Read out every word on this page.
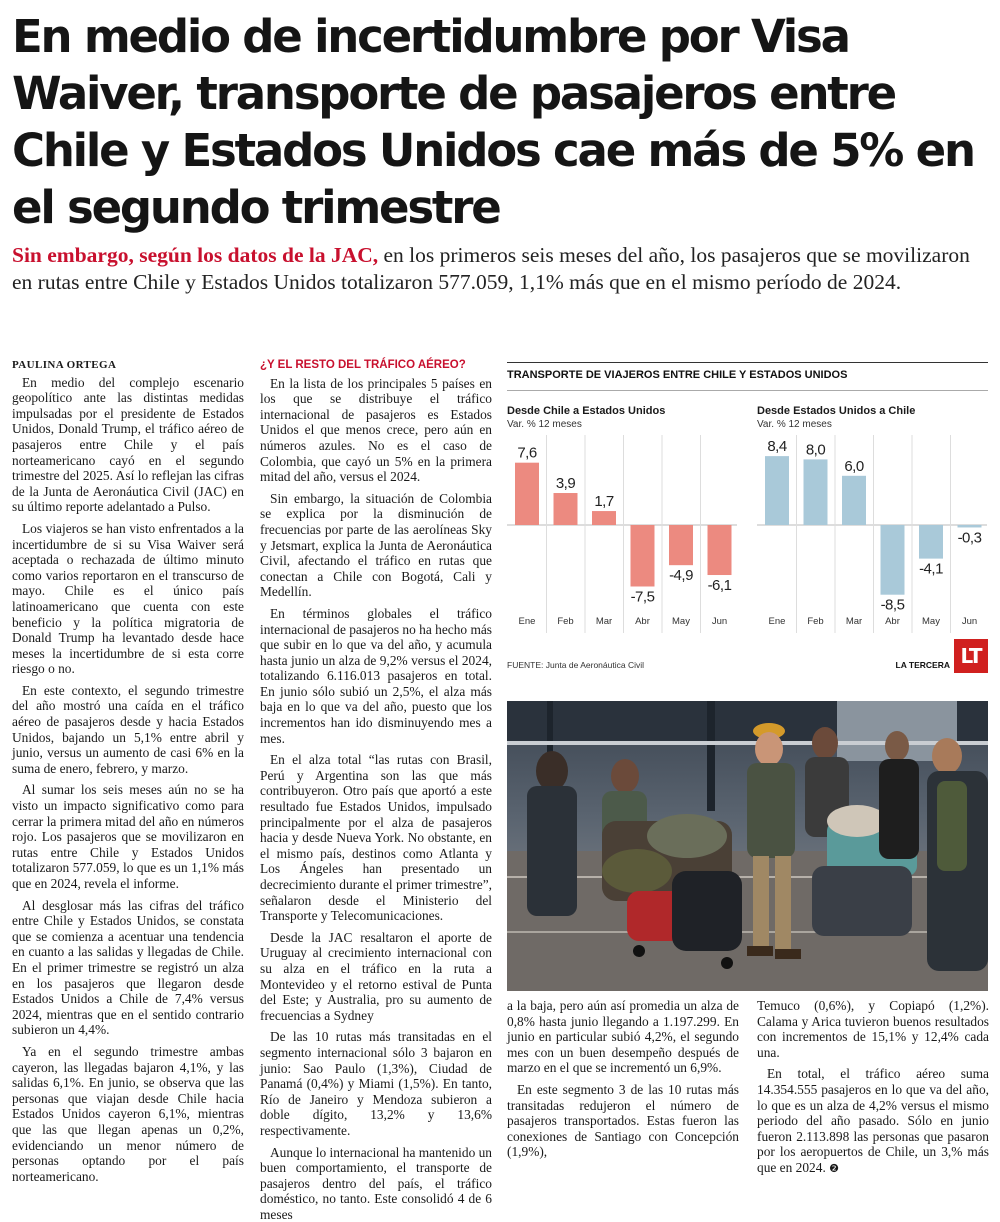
En medio de incertidumbre por Visa Waiver, transporte de pasajeros entre Chile y Estados Unidos cae más de 5% en el segundo trimestre

Sin embargo, según los datos de la JAC, en los primeros seis meses del año, los pasajeros que se movilizaron en rutas entre Chile y Estados Unidos totalizaron 577.059, 1,1% más que en el mismo período de 2024.

PAULINA ORTEGA

En medio del complejo escenario geopolítico ante las distintas medidas impulsadas por el presidente de Estados Unidos, Donald Trump, el tráfico aéreo de pasajeros entre Chile y el país norteamericano cayó en el segundo trimestre del 2025. Así lo reflejan las cifras de la Junta de Aeronáutica Civil (JAC) en su último reporte adelantado a Pulso.

Los viajeros se han visto enfrentados a la incertidumbre de si su Visa Waiver será aceptada o rechazada de último minuto como varios reportaron en el transcurso de mayo. Chile es el único país latinoamericano que cuenta con este beneficio y la política migratoria de Donald Trump ha levantado desde hace meses la incertidumbre de si esta corre riesgo o no.

En este contexto, el segundo trimestre del año mostró una caída en el tráfico aéreo de pasajeros desde y hacia Estados Unidos, bajando un 5,1% entre abril y junio, versus un aumento de casi 6% en la suma de enero, febrero, y marzo.

Al sumar los seis meses aún no se ha visto un impacto significativo como para cerrar la primera mitad del año en números rojo. Los pasajeros que se movilizaron en rutas entre Chile y Estados Unidos totalizaron 577.059, lo que es un 1,1% más que en 2024, revela el informe.

Al desglosar más las cifras del tráfico entre Chile y Estados Unidos, se constata que se comienza a acentuar una tendencia en cuanto a las salidas y llegadas de Chile. En el primer trimestre se registró un alza en los pasajeros que llegaron desde Estados Unidos a Chile de 7,4% versus 2024, mientras que en el sentido contrario subieron un 4,4%.

Ya en el segundo trimestre ambas cayeron, las llegadas bajaron 4,1%, y las salidas 6,1%. En junio, se observa que las personas que viajan desde Chile hacia Estados Unidos cayeron 6,1%, mientras que las que llegan apenas un 0,2%, evidenciando un menor número de personas optando por el país norteamericano.

¿Y EL RESTO DEL TRÁFICO AÉREO?

En la lista de los principales 5 países en los que se distribuye el tráfico internacional de pasajeros es Estados Unidos el que menos crece, pero aún en números azules. No es el caso de Colombia, que cayó un 5% en la primera mitad del año, versus el 2024.

Sin embargo, la situación de Colombia se explica por la disminución de frecuencias por parte de las aerolíneas Sky y Jetsmart, explica la Junta de Aeronáutica Civil, afectando el tráfico en rutas que conectan a Chile con Bogotá, Cali y Medellín.

En términos globales el tráfico internacional de pasajeros no ha hecho más que subir en lo que va del año, y acumula hasta junio un alza de 9,2% versus el 2024, totalizando 6.116.013 pasajeros en total. En junio sólo subió un 2,5%, el alza más baja en lo que va del año, puesto que los incrementos han ido disminuyendo mes a mes.

En el alza total “las rutas con Brasil, Perú y Argentina son las que más contribuyeron. Otro país que aportó a este resultado fue Estados Unidos, impulsado principalmente por el alza de pasajeros hacia y desde Nueva York. No obstante, en el mismo país, destinos como Atlanta y Los Ángeles han presentado un decrecimiento durante el primer trimestre”, señalaron desde el Ministerio del Transporte y Telecomunicaciones.

Desde la JAC resaltaron el aporte de Uruguay al crecimiento internacional con su alza en el tráfico en la ruta a Montevideo y el retorno estival de Punta del Este; y Australia, pro su aumento de frecuencias a Sydney

De las 10 rutas más transitadas en el segmento internacional sólo 3 bajaron en junio: Sao Paulo (1,3%), Ciudad de Panamá (0,4%) y Miami (1,5%). En tanto, Río de Janeiro y Mendoza subieron a doble dígito, 13,2% y 13,6% respectivamente.

Aunque lo internacional ha mantenido un buen comportamiento, el transporte de pasajeros dentro del país, el tráfico doméstico, no tanto. Este consolidó 4 de 6 meses

TRANSPORTE DE VIAJEROS ENTRE CHILE Y ESTADOS UNIDOS
Desde Chile a Estados Unidos
Var. % 12 meses
Desde Estados Unidos a Chile
Var. % 12 meses
7,6
Ene
3,9
Feb
1,7
Mar
-7,5
Abr
-4,9
May
-6,1
Jun
8,4
Ene
8,0
Feb
6,0
Mar
-8,5
Abr
-4,1
May
-0,3
Jun
FUENTE: Junta de Aeronáutica Civil	LA TERCERA LT

a la baja, pero aún así promedia un alza de 0,8% hasta junio llegando a 1.197.299. En junio en particular subió 4,2%, el segundo mes con un buen desempeño después de marzo en el que se incrementó un 6,9%.

En este segmento 3 de las 10 rutas más transitadas redujeron el número de pasajeros transportados. Estas fueron las conexiones de Santiago con Concepción (1,9%),

Temuco (0,6%), y Copiapó (1,2%). Calama y Arica tuvieron buenos resultados con incrementos de 15,1% y 12,4% cada una.

En total, el tráfico aéreo suma 14.354.555 pasajeros en lo que va del año, lo que es un alza de 4,2% versus el mismo periodo del año pasado. Sólo en junio fueron 2.113.898 las personas que pasaron por los aeropuertos de Chile, un 3,% más que en 2024. ❷
